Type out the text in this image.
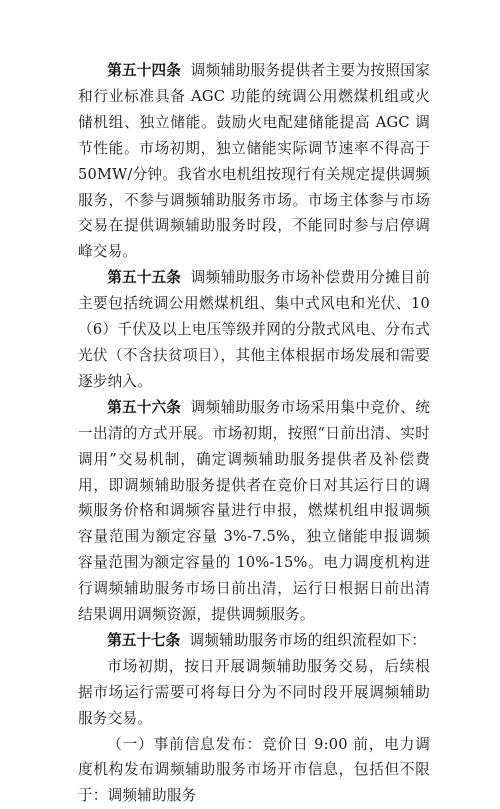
第五十四条 调频辅助服务提供者主要为按照国家和行业标准具备 AGC 功能的统调公用燃煤机组或火储机组、独立储能。鼓励火电配建储能提高 AGC 调节性能。市场初期，独立储能实际调节速率不得高于 50MW/分钟。我省水电机组按现行有关规定提供调频服务，不参与调频辅助服务市场。市场主体参与市场交易在提供调频辅助服务时段，不能同时参与启停调峰交易。

第五十五条 调频辅助服务市场补偿费用分摊目前主要包括统调公用燃煤机组、集中式风电和光伏、10（6）千伏及以上电压等级并网的分散式风电、分布式光伏（不含扶贫项目），其他主体根据市场发展和需要逐步纳入。

第五十六条 调频辅助服务市场采用集中竞价、统一出清的方式开展。市场初期，按照“日前出清、实时调用”交易机制，确定调频辅助服务提供者及补偿费用，即调频辅助服务提供者在竞价日对其运行日的调频服务价格和调频容量进行申报，燃煤机组申报调频容量范围为额定容量 3%-7.5%，独立储能申报调频容量范围为额定容量的 10%-15%。电力调度机构进行调频辅助服务市场日前出清，运行日根据日前出清结果调用调频资源，提供调频服务。

第五十七条 调频辅助服务市场的组织流程如下：

市场初期，按日开展调频辅助服务交易，后续根据市场运行需要可将每日分为不同时段开展调频辅助服务交易。

（一）事前信息发布：竞价日 9:00 前，电力调度机构发布调频辅助服务市场开市信息，包括但不限于：调频辅助服务
